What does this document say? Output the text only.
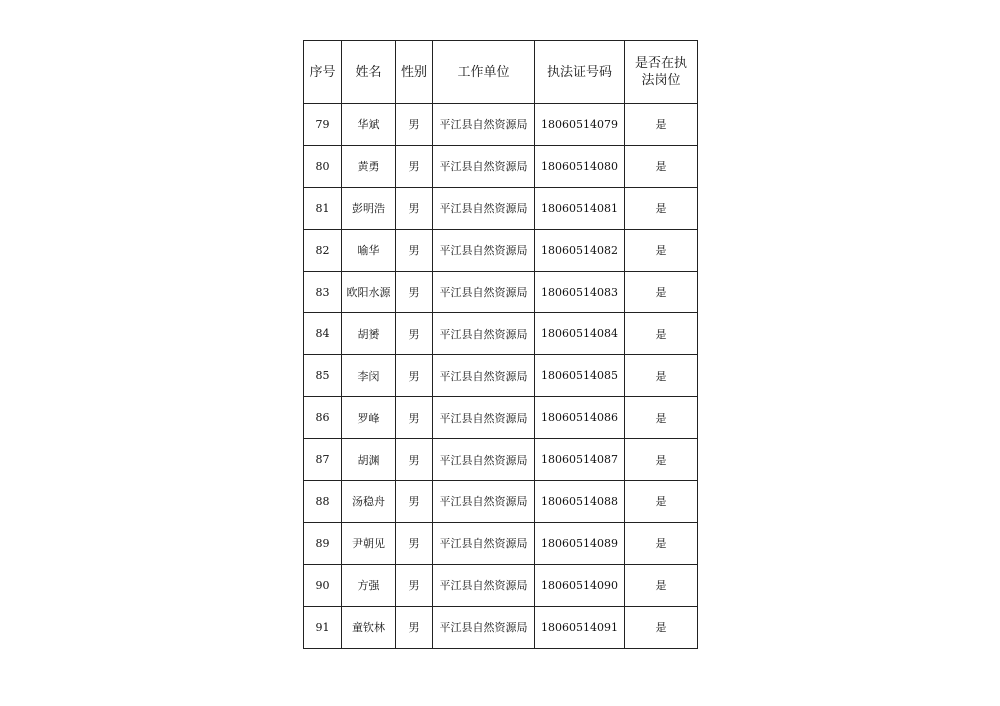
序号	姓名	性别	工作单位	执法证号码	是否在执法岗位
79	华斌	男	平江县自然资源局	18060514079	是
80	黄勇	男	平江县自然资源局	18060514080	是
81	彭明浩	男	平江县自然资源局	18060514081	是
82	喻华	男	平江县自然资源局	18060514082	是
83	欧阳水源	男	平江县自然资源局	18060514083	是
84	胡赟	男	平江县自然资源局	18060514084	是
85	李闵	男	平江县自然资源局	18060514085	是
86	罗峰	男	平江县自然资源局	18060514086	是
87	胡渊	男	平江县自然资源局	18060514087	是
88	汤稳舟	男	平江县自然资源局	18060514088	是
89	尹朝见	男	平江县自然资源局	18060514089	是
90	方强	男	平江县自然资源局	18060514090	是
91	童钦林	男	平江县自然资源局	18060514091	是
